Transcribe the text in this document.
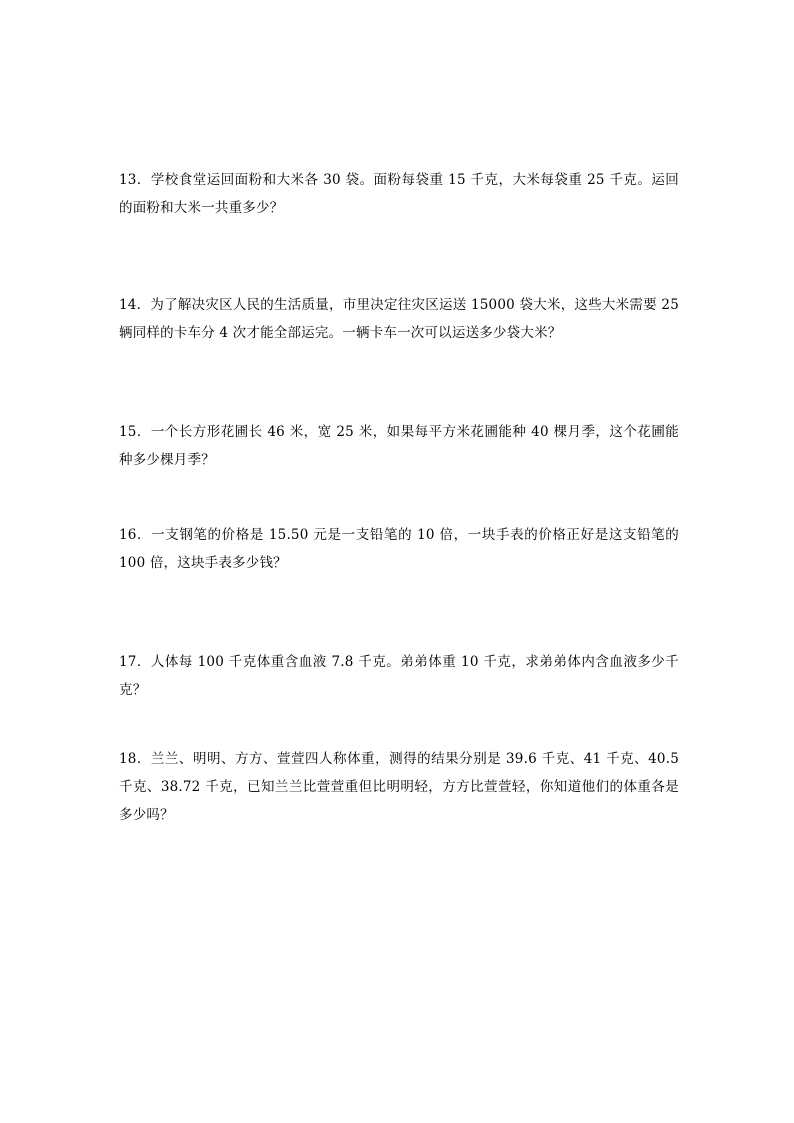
13．学校食堂运回面粉和大米各 30 袋。面粉每袋重 15 千克，大米每袋重 25 千克。运回的面粉和大米一共重多少？

14．为了解决灾区人民的生活质量，市里决定往灾区运送 15000 袋大米，这些大米需要 25 辆同样的卡车分 4 次才能全部运完。一辆卡车一次可以运送多少袋大米？

15．一个长方形花圃长 46 米，宽 25 米，如果每平方米花圃能种 40 棵月季，这个花圃能种多少棵月季？

16．一支钢笔的价格是 15.50 元是一支铅笔的 10 倍，一块手表的价格正好是这支铅笔的 100 倍，这块手表多少钱？

17．人体每 100 千克体重含血液 7.8 千克。弟弟体重 10 千克，求弟弟体内含血液多少千克？

18．兰兰、明明、方方、萱萱四人称体重，测得的结果分别是 39.6 千克、41 千克、40.5 千克、38.72 千克，已知兰兰比萱萱重但比明明轻，方方比萱萱轻，你知道他们的体重各是多少吗？
